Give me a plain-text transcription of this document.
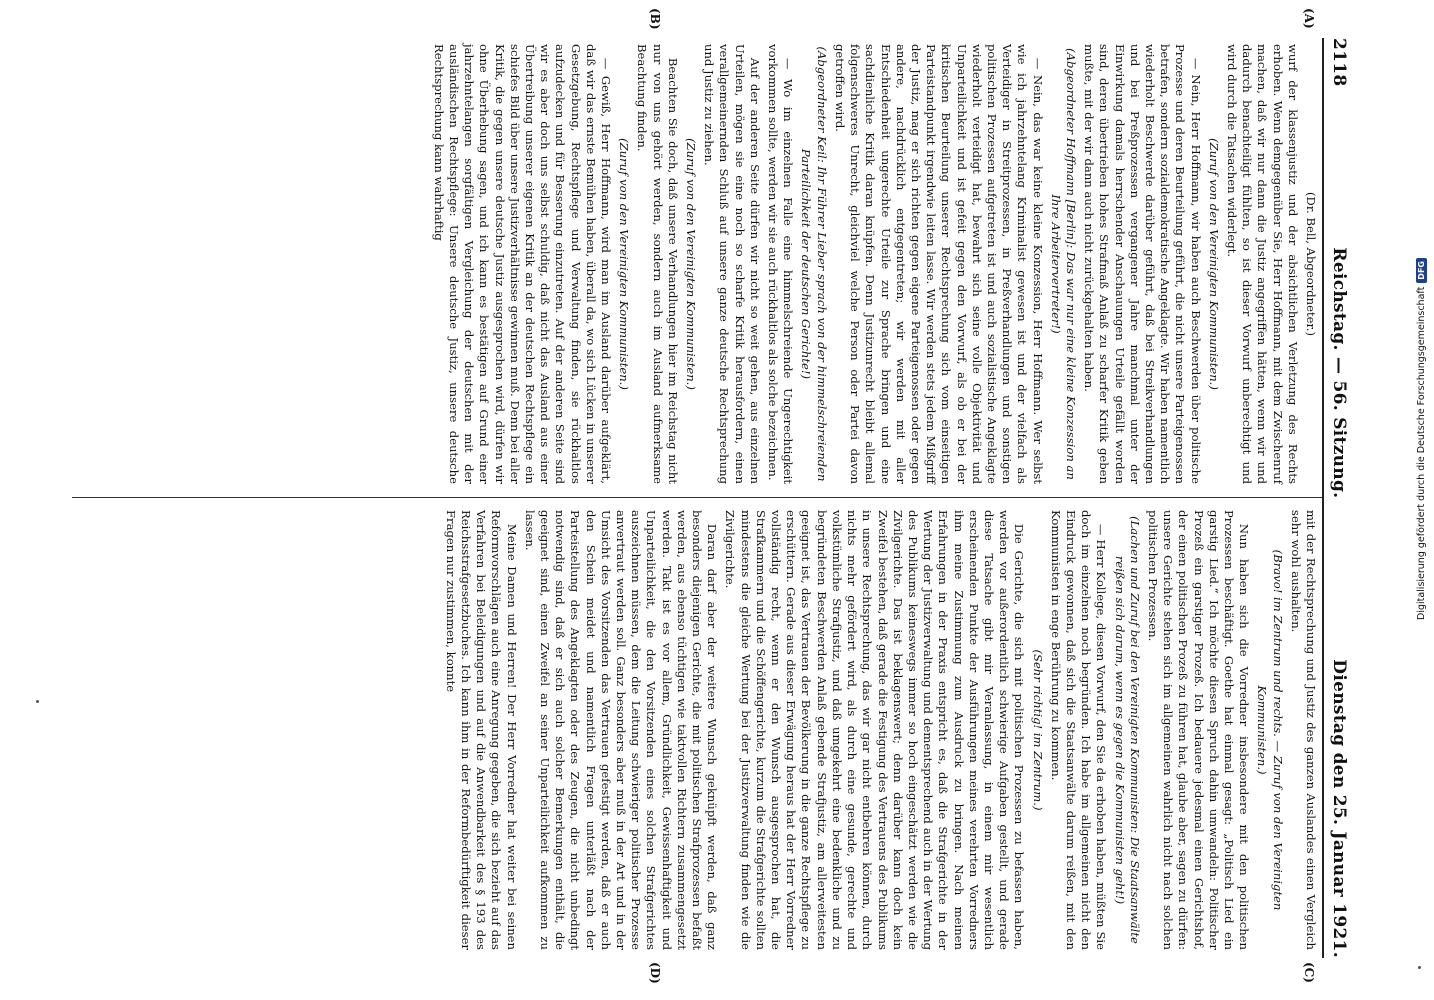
2118
Reichstag. — 56. Sitzung.
Dienstag den 25. Januar 1921.

(Dr. Bell, Abgeordneter.)

wurf der klassenjustiz und der absichtlichen Verletzung des Rechts erhoben. Wenn demgegenüber Sie, Herr Hoffmann, mit dem Zwischenruf machen, daß wir nur dann die Justiz angegriffen hätten, wenn wir und dadurch benachteiligt fühlten, so ist dieser Vorwurf unberechtigt und wird durch die Tatsachen widerlegt.

(Zuruf von den Vereinigten Kommunisten.)

— Nein, Herr Hoffmann, wir haben auch Beschwerden über politische Prozesse und deren Beurteilung geführt, die nicht unsere Parteigenossen betrafen, sondern sozialdemokratische Angeklagte. Wir haben namentlich wiederholt Beschwerde darüber geführt, daß bei Streikverhandlungen und bei Preßprozessen vergangener Jahre manchmal unter der Einwirkung damals herrschender Anschauungen Urteile gefällt worden sind, deren übertrieben hohes Strafmaß Anlaß zu scharfer Kritik geben mußte, mit der wir dann auch nicht zurückgehalten haben.

(Abgeordneter Hoffmann [Berlin]: Das war nur eine kleine Konzession an Ihre Arbeitervertreter!)

— Nein, das war keine kleine Konzession, Herr Hoffmann. Wer selbst wie ich jahrzehntelang Kriminalist gewesen ist und der vielfach als Verteidiger in Streitprozessen, in Preßverhandlungen und sonstigen politischen Prozessen aufgetreten ist und auch sozialistische Angeklagte wiederholt verteidigt hat, bewahrt sich seine volle Objektivität und Unparteilichkeit und ist gefeit gegen den Vorwurf, als ob er bei der kritischen Beurteilung unserer Rechtsprechung sich vom einseitigen Parteistandpunkt irgendwie leiten lasse. Wir werden stets jedem Mißgriff der Justiz, mag er sich richten gegen eigene Parteigenossen oder gegen andere, nachdrücklich entgegentreten; wir werden mit aller Entschiedenheit ungerechte Urteile zur Sprache bringen und eine sachdienliche Kritik daran knüpfen. Denn Justizunrecht bleibt allemal folgenschweres Unrecht, gleichviel welche Person oder Partei davon getroffen wird.

(Abgeordneter Keil: Ihr Führer Lieber sprach von der himmelschreienden Parteilichkeit der deutschen Gerichte!)

— Wo im einzelnen Falle eine himmelschreiende Ungerechtigkeit vorkommen sollte, werden wir sie auch rückhaltlos als solche bezeichnen.

Auf der anderen Seite dürfen wir nicht so weit gehen, aus einzelnen Urteilen, mögen sie eine noch so scharfe Kritik herausfordern, einen verallgemeinernden Schluß auf unsere ganze deutsche Rechtsprechung und Justiz zu ziehen.

(Zuruf von den Vereinigten Kommunisten.)

Beachten Sie doch, daß unsere Verhandlungen hier im Reichstag nicht nur von uns gehört werden, sondern auch im Ausland aufmerksame Beachtung finden.

(Zuruf von den Vereinigten Kommunisten.)

— Gewiß, Herr Hoffmann, wird man im Ausland darüber aufgeklärt, daß wir das ernste Bemühen haben, überall da, wo sich Lücken in unserer Gesetzgebung, Rechtspflege und Verwaltung finden, sie rückhaltlos aufzudecken und für Besserung einzutreten. Auf der anderen Seite sind wir es aber doch uns selbst schuldig, daß nicht das Ausland aus einer Übertreibung unserer eigenen Kritik an der deutschen Rechtspflege ein schiefes Bild über unsere Justizverhältnisse gewinnen muß. Denn bei aller Kritik, die gegen unsere deutsche Justiz ausgesprochen wird, dürfen wir ohne Überhebung sagen, und ich kann es bestätigen auf Grund einer jahrzehntelangen sorgfältigen Vergleichung der deutschen mit der ausländischen Rechtspflege: Unsere deutsche Justiz, unsere deutsche Rechtsprechung kann wahrhaftig

mit der Rechtsprechung und Justiz des ganzen Auslandes einen Vergleich sehr wohl aushalten.

(Bravo! im Zentrum und rechts. — Zuruf von den Vereinigten Kommunisten.)

Nun haben sich die Vorredner insbesondere mit den politischen Prozessen beschäftigt. Goethe hat einmal gesagt: „Politisch Lied ein garstig Lied.“ Ich möchte diesen Spruch dahin umwandeln: Politischer Prozeß ein garstiger Prozeß. Ich bedauere jedesmal einen Gerichtshof, der einen politischen Prozeß zu führen hat, glaube aber, sagen zu dürfen: unsere Gerichte stehen sich im allgemeinen wahrlich nicht nach solchen politischen Prozessen.

(Lachen und Zuruf bei den Vereinigten Kommunisten: Die Staatsanwälte reißen sich darum, wenn es gegen die Kommunisten geht!)

— Herr Kollege, diesen Vorwurf, den Sie da erhoben haben, müßten Sie doch im einzelnen noch begründen. Ich habe im allgemeinen nicht den Eindruck gewonnen, daß sich die Staatsanwälte darum reißen, mit den Kommunisten in enge Berührung zu kommen.

(Sehr richtig! im Zentrum.)

Die Gerichte, die sich mit politischen Prozessen zu befassen haben, werden vor außerordentlich schwierige Aufgaben gestellt, und gerade diese Tatsache gibt mir Veranlassung, in einem mir wesentlich erscheinenden Punkte der Ausführungen meines verehrten Vorredners ihm meine Zustimmung zum Ausdruck zu bringen. Nach meinen Erfahrungen in der Praxis entspricht es, daß die Strafgerichte in der Wertung der Justizverwaltung und dementsprechend auch in der Wertung des Publikums keineswegs immer so hoch eingeschätzt werden wie die Zivilgerichte. Das ist beklagenswert; denn darüber kann doch kein Zweifel bestehen, daß gerade die Festigung des Vertrauens des Publikums in unsere Rechtsprechung, das wir gar nicht entbehren können, durch nichts mehr gefördert wird, als durch eine gesunde, gerechte und volkstümliche Strafjustiz, und daß umgekehrt eine bedenkliche und zu begründeten Beschwerden Anlaß gebende Strafjustiz, am allerweitesten geeignet ist, das Vertrauen der Bevölkerung in die ganze Rechtspflege zu erschüttern. Gerade aus dieser Erwägung heraus hat der Herr Vorredner vollständig recht, wenn er den Wunsch ausgesprochen hat, die Strafkammern und die Schöffengerichte, kurzum die Strafgerichte sollten mindestens die gleiche Wertung bei der Justizverwaltung finden wie die Zivilgerichte.

Daran darf aber der weitere Wunsch geknüpft werden, daß ganz besonders diejenigen Gerichte, die mit politischen Strafprozessen befaßt werden, aus ebenso tüchtigen wie taktvollen Richtern zusammengesetzt werden. Takt ist es vor allem, Gründlichkeit, Gewissenhaftigkeit und Unparteilichkeit, die den Vorsitzenden eines solchen Strafgerichtes auszeichnen müssen, dem die Leitung schwieriger politischer Prozesse anvertraut werden soll. Ganz besonders aber muß in der Art und in der Umsicht des Vorsitzenden das Vertrauen gefestigt werden, daß er auch den Schein meidet und namentlich Fragen unterläßt nach der Parteistellung des Angeklagten oder des Zeugen, die nicht unbedingt notwendig sind, daß er sich auch solcher Bemerkungen enthält, die geeignet sind, einen Zweifel an seiner Unparteilichkeit aufkommen zu lassen.

Meine Damen und Herren! Der Herr Vorredner hat weiter bei seinen Reformvorschlägen auch eine Anregung gegeben, die sich bezieht auf das Verfahren bei Beleidigungen und auf die Anwendbarkeit des § 193 des Reichsstrafgesetzbuches. Ich kann ihm in der Reformbedürftigkeit dieser Fragen nur zustimmen, konnte

(A)
(B)
(C)
(D)
Digitalisierung gefördert durch die Deutsche Forschungsgemeinschaft
DFG
